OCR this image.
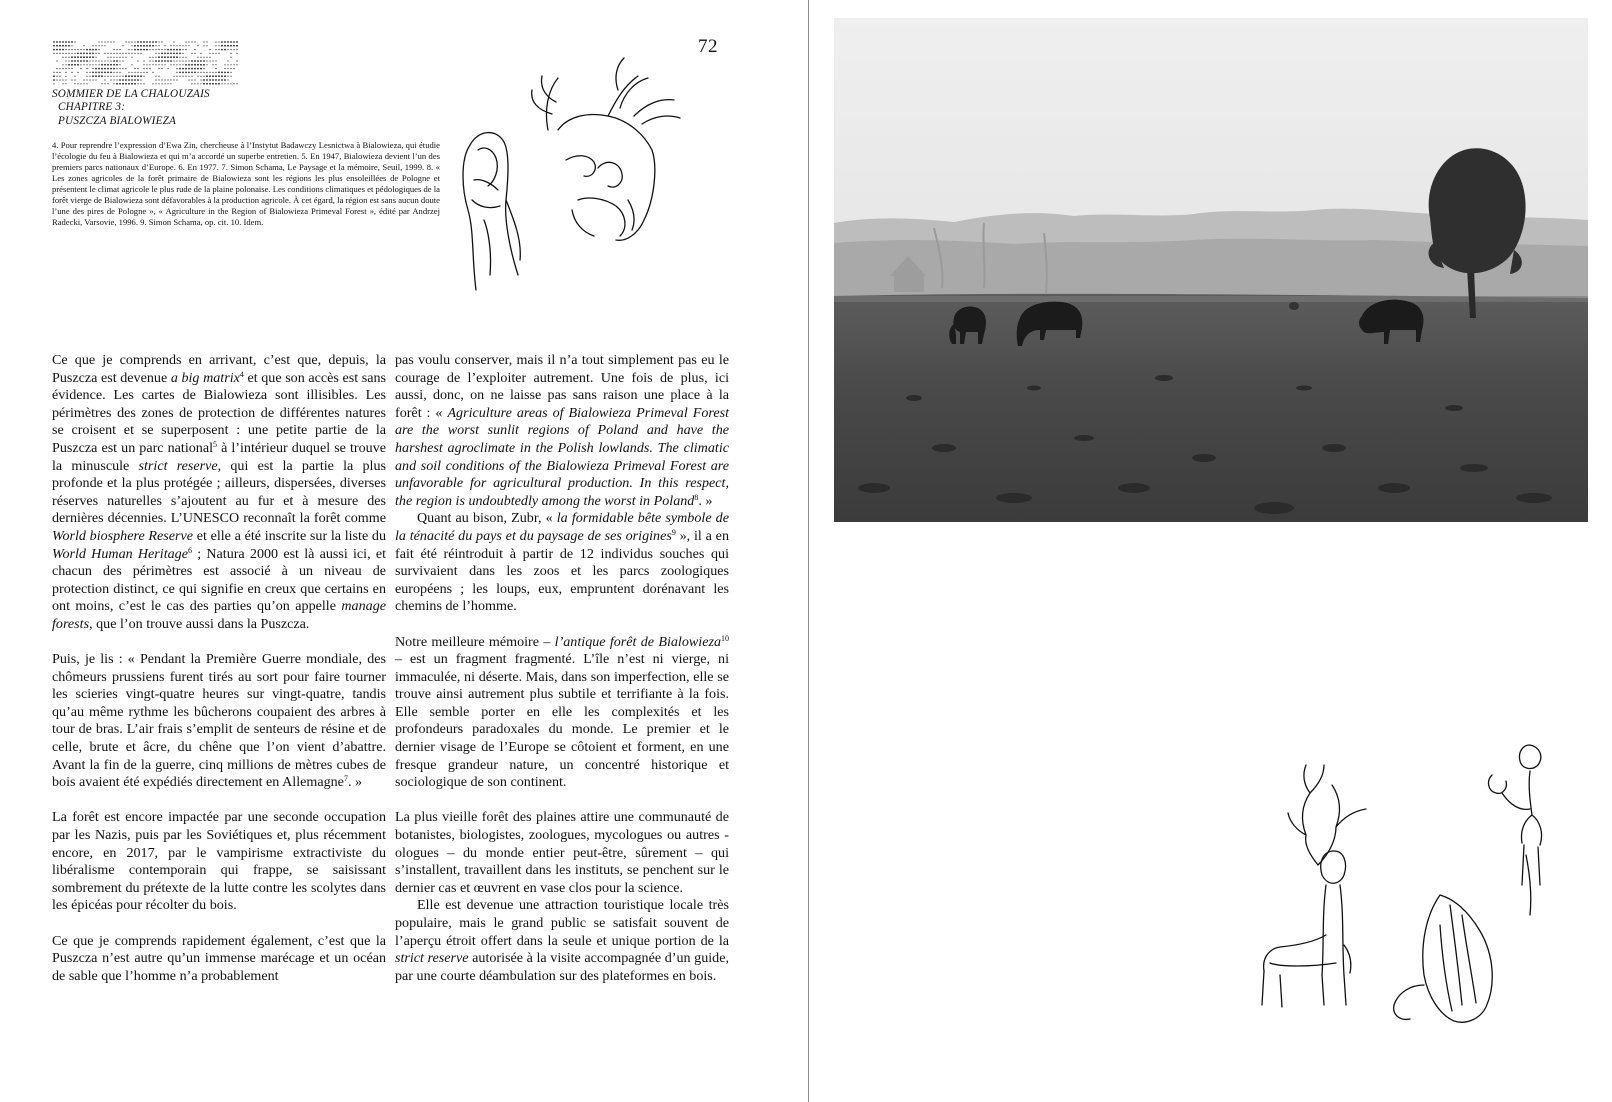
SOMMIER DE LA CHALOUZAIS
CHAPITRE 3:
PUSZCZA BIALOWIEZA
72

4. Pour reprendre l’expression d’Ewa Zin, chercheuse à l’Instytut Badawczy Lesnictwa à Bialowieza, qui étudie l’écologie du feu à Bialowieza et qui m’a accordé un superbe entretien. 5. En 1947, Bialowieza devient l’un des premiers parcs nationaux d’Europe. 6. En 1977. 7. Simon Schama, Le Paysage et la mémoire, Seuil, 1999. 8. « Les zones agricoles de la forêt primaire de Bialowieza sont les régions les plus ensoleillées de Pologne et présentent le climat agricole le plus rude de la plaine polonaise. Les conditions climatiques et pédologiques de la forêt vierge de Bialowieza sont défavorables à la production agricole. À cet égard, la région est sans aucun doute l’une des pires de Pologne », « Agriculture in the Region of Bialowieza Primeval Forest », édité par Andrzej Radecki, Varsovie, 1996. 9. Simon Schama, op. cit. 10. Idem.

Ce que je comprends en arrivant, c’est que, depuis, la Puszcza est devenue a big matrix$^4$ et que son accès est sans évidence. Les cartes de Bialowieza sont illisibles. Les périmètres des zones de protection de différentes natures se croisent et se superposent : une petite partie de la Puszcza est un parc national$^5$ à l’intérieur duquel se trouve la minuscule strict reserve, qui est la partie la plus profonde et la plus protégée ; ailleurs, dispersées, diverses réserves naturelles s’ajoutent au fur et à mesure des dernières décennies. L’UNESCO reconnaît la forêt comme World biosphere Reserve et elle a été inscrite sur la liste du World Human Heritage$^6$ ; Natura 2000 est là aussi ici, et chacun des périmètres est associé à un niveau de protection distinct, ce qui signifie en creux que certains en ont moins, c’est le cas des parties qu’on appelle manage forests, que l’on trouve aussi dans la Puszcza.

Puis, je lis : « Pendant la Première Guerre mondiale, des chômeurs prussiens furent tirés au sort pour faire tourner les scieries vingt-quatre heures sur vingt-quatre, tandis qu’au même rythme les bûcherons coupaient des arbres à tour de bras. L’air frais s’emplit de senteurs de résine et de celle, brute et âcre, du chêne que l’on vient d’abattre. Avant la fin de la guerre, cinq millions de mètres cubes de bois avaient été expédiés directement en Allemagne$^7$. »

La forêt est encore impactée par une seconde occupation par les Nazis, puis par les Soviétiques et, plus récemment encore, en 2017, par le vampirisme extractiviste du libéralisme contemporain qui frappe, se saisissant sombrement du prétexte de la lutte contre les scolytes dans les épicéas pour récolter du bois.

Ce que je comprends rapidement également, c’est que la Puszcza n’est autre qu’un immense marécage et un océan de sable que l’homme n’a probablement

pas voulu conserver, mais il n’a tout simplement pas eu le courage de l’exploiter autrement. Une fois de plus, ici aussi, donc, on ne laisse pas sans raison une place à la forêt : « Agriculture areas of Bialowieza Primeval Forest are the worst sunlit regions of Poland and have the harshest agroclimate in the Polish lowlands. The climatic and soil conditions of the Bialowieza Primeval Forest are unfavorable for agricultural production. In this respect, the region is undoubtedly among the worst in Poland$^8$. »

Quant au bison, Zubr, « la formidable bête symbole de la ténacité du pays et du paysage de ses origines$^9$ », il a en fait été réintroduit à partir de 12 individus souches qui survivaient dans les zoos et les parcs zoologiques européens ; les loups, eux, empruntent dorénavant les chemins de l’homme.

Notre meilleure mémoire – l’antique forêt de Bialowieza$^{10}$ – est un fragment fragmenté. L’île n’est ni vierge, ni immaculée, ni déserte. Mais, dans son imperfection, elle se trouve ainsi autrement plus subtile et terrifiante à la fois. Elle semble porter en elle les complexités et les profondeurs paradoxales du monde. Le premier et le dernier visage de l’Europe se côtoient et forment, en une fresque grandeur nature, un concentré historique et sociologique de son continent.

La plus vieille forêt des plaines attire une communauté de botanistes, biologistes, zoologues, mycologues ou autres -ologues – du monde entier peut-être, sûrement – qui s’installent, travaillent dans les instituts, se penchent sur le dernier cas et œuvrent en vase clos pour la science.

Elle est devenue une attraction touristique locale très populaire, mais le grand public se satisfait souvent de l’aperçu étroit offert dans la seule et unique portion de la strict reserve autorisée à la visite accompagnée d’un guide, par une courte déambulation sur des plateformes en bois.
